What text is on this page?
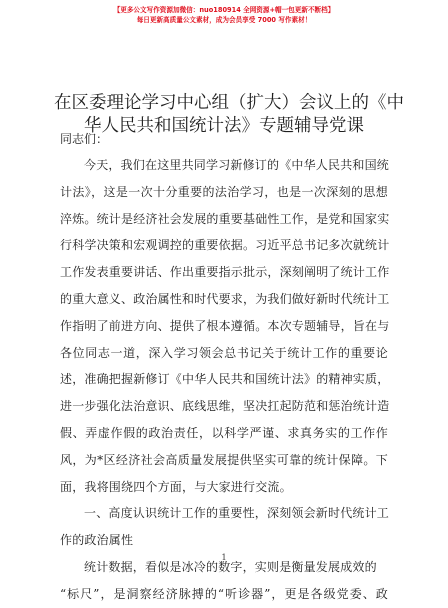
【更多公文写作资源加微信：nuo180914 全网资源+帽一包更新不断档】
每日更新高质量公文素材，成为会员享受 7000 写作素材！
在区委理论学习中心组（扩大）会议上的《中
华人民共和国统计法》专题辅导党课
同志们：
今天，我们在这里共同学习新修订的《中华人民共和国统
计法》，这是一次十分重要的法治学习，也是一次深刻的思想
淬炼。统计是经济社会发展的重要基础性工作，是党和国家实
行科学决策和宏观调控的重要依据。习近平总书记多次就统计
工作发表重要讲话、作出重要指示批示，深刻阐明了统计工作
的重大意义、政治属性和时代要求，为我们做好新时代统计工
作指明了前进方向、提供了根本遵循。本次专题辅导，旨在与
各位同志一道，深入学习领会总书记关于统计工作的重要论
述，准确把握新修订《中华人民共和国统计法》的精神实质，
进一步强化法治意识、底线思维，坚决扛起防范和惩治统计造
假、弄虚作假的政治责任，以科学严谨、求真务实的工作作
风，为*区经济社会高质量发展提供坚实可靠的统计保障。下
面，我将围绕四个方面，与大家进行交流。
一、高度认识统计工作的重要性，深刻领会新时代统计工
作的政治属性
统计数据，看似是冰冷的数字，实则是衡量发展成效的
“标尺”，是洞察经济脉搏的“听诊器”，更是各级党委、政
1
